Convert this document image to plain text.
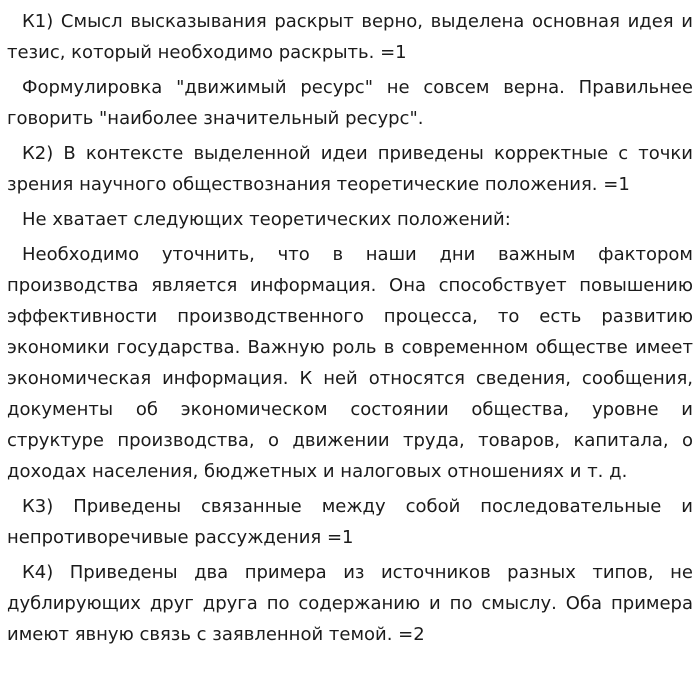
К1) Смысл высказывания раскрыт верно, выделена основная идея и тезис, который необходимо раскрыть. =1

Формулировка "движимый ресурс" не совсем верна. Правильнее говорить "наиболее значительный ресурс".

К2) В контексте выделенной идеи приведены корректные с точки зрения научного обществознания теоретические положения. =1

Не хватает следующих теоретических положений:

Необходимо уточнить, что в наши дни важным фактором производства является информация. Она способствует повышению эффективности производственного процесса, то есть развитию экономики государства. Важную роль в современном обществе имеет экономическая информация. К ней относятся сведения, сообщения, документы об экономическом состоянии общества, уровне и структуре производства, о движении труда, товаров, капитала, о доходах населения, бюджетных и налоговых отношениях и т. д.

К3) Приведены связанные между собой последовательные и непротиворечивые рассуждения =1

К4) Приведены два примера из источников разных типов, не дублирующих друг друга по содержанию и по смыслу. Оба примера имеют явную связь с заявленной темой. =2
